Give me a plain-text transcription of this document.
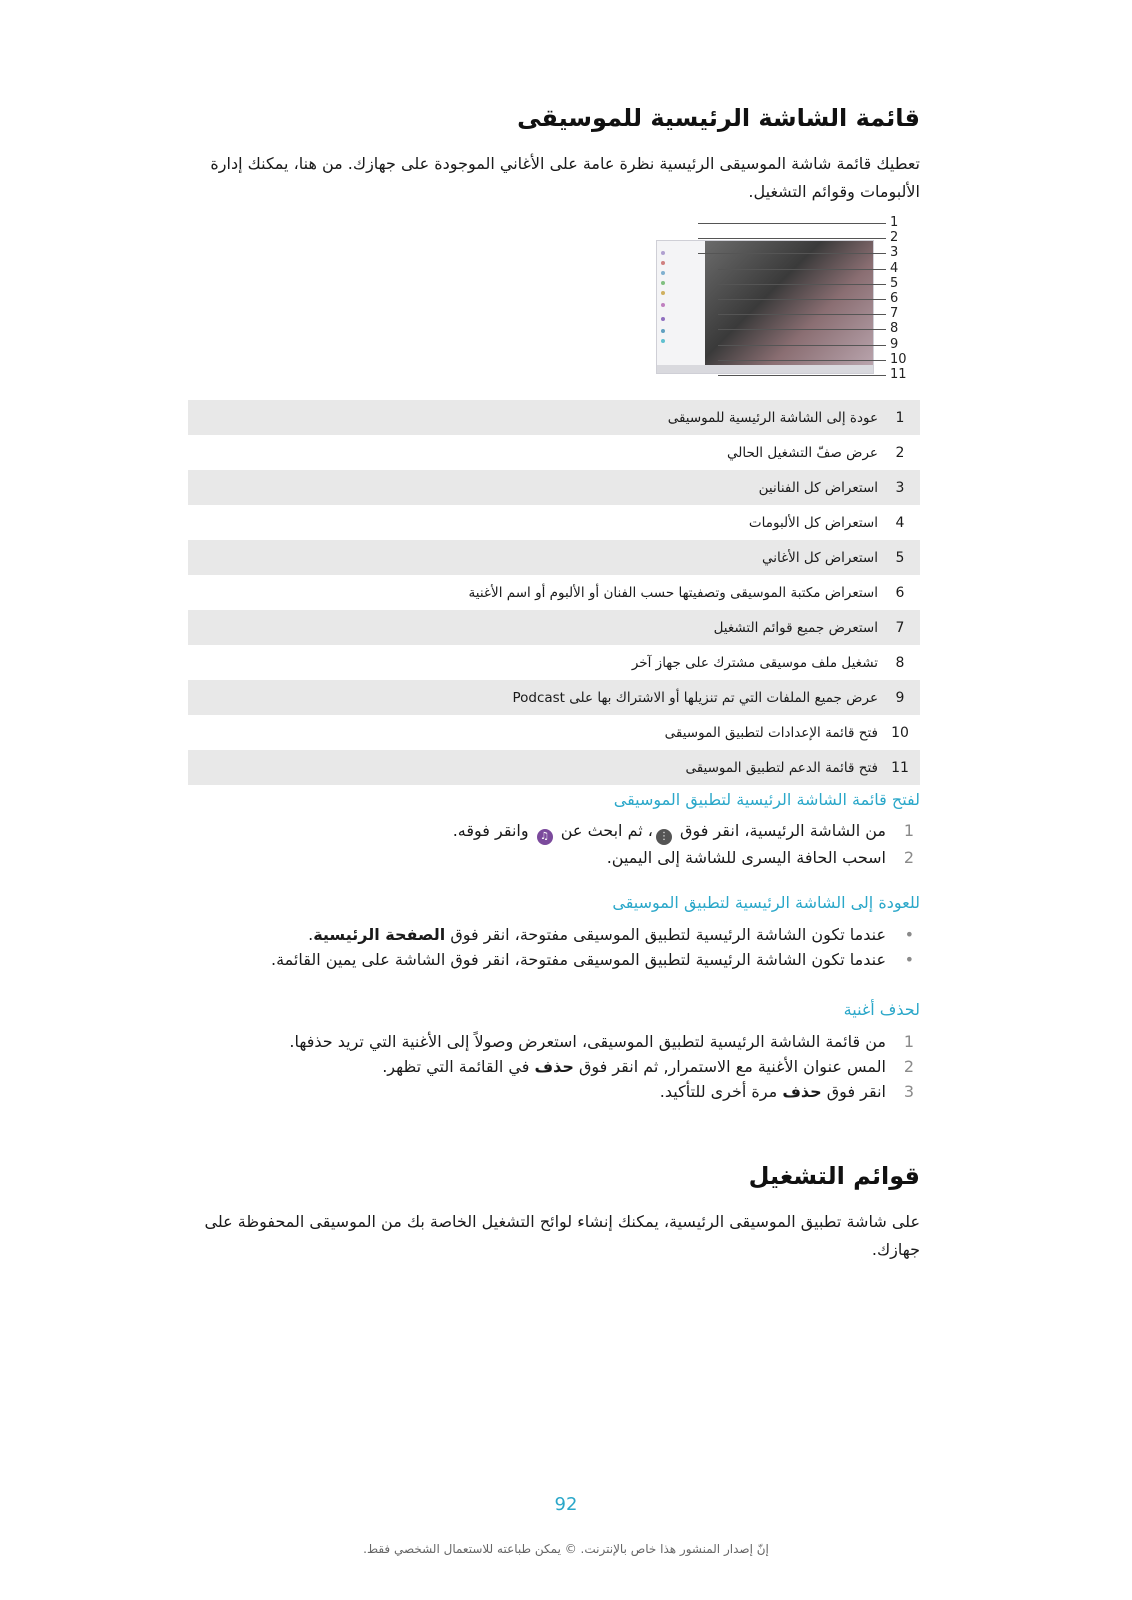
قائمة الشاشة الرئيسية للموسيقى

تعطيك قائمة شاشة الموسيقى الرئيسية نظرة عامة على الأغاني الموجودة على جهازك. من هنا، يمكنك إدارة الألبومات وقوائم التشغيل.

1
2
3
4
5
6
7
8
9
10
11
1	عودة إلى الشاشة الرئيسية للموسيقى
2	عرض صفّ التشغيل الحالي
3	استعراض كل الفنانين
4	استعراض كل الألبومات
5	استعراض كل الأغاني
6	استعراض مكتبة الموسيقى وتصفيتها حسب الفنان أو الألبوم أو اسم الأغنية
7	استعرض جميع قوائم التشغيل
8	تشغيل ملف موسيقى مشترك على جهاز آخر
9	عرض جميع الملفات التي تم تنزيلها أو الاشتراك بها على Podcast
10	فتح قائمة الإعدادات لتطبيق الموسيقى
11	فتح قائمة الدعم لتطبيق الموسيقى
لفتح قائمة الشاشة الرئيسية لتطبيق الموسيقى
1
من الشاشة الرئيسية، انقر فوق ⋮، ثم ابحث عن ♫ وانقر فوقه.
2
اسحب الحافة اليسرى للشاشة إلى اليمين.
للعودة إلى الشاشة الرئيسية لتطبيق الموسيقى
•
عندما تكون الشاشة الرئيسية لتطبيق الموسيقى مفتوحة، انقر فوق الصفحة الرئيسية.
•
عندما تكون الشاشة الرئيسية لتطبيق الموسيقى مفتوحة، انقر فوق الشاشة على يمين القائمة.
لحذف أغنية
1
من قائمة الشاشة الرئيسية لتطبيق الموسيقى، استعرض وصولاً إلى الأغنية التي تريد حذفها.
2
المس عنوان الأغنية مع الاستمرار, ثم انقر فوق حذف في القائمة التي تظهر.
3
انقر فوق حذف مرة أخرى للتأكيد.
قوائم التشغيل

على شاشة تطبيق الموسيقى الرئيسية، يمكنك إنشاء لوائح التشغيل الخاصة بك من الموسيقى المحفوظة على جهازك.

92
إنّ إصدار المنشور هذا خاص بالإنترنت. © يمكن طباعته للاستعمال الشخصي فقط.
